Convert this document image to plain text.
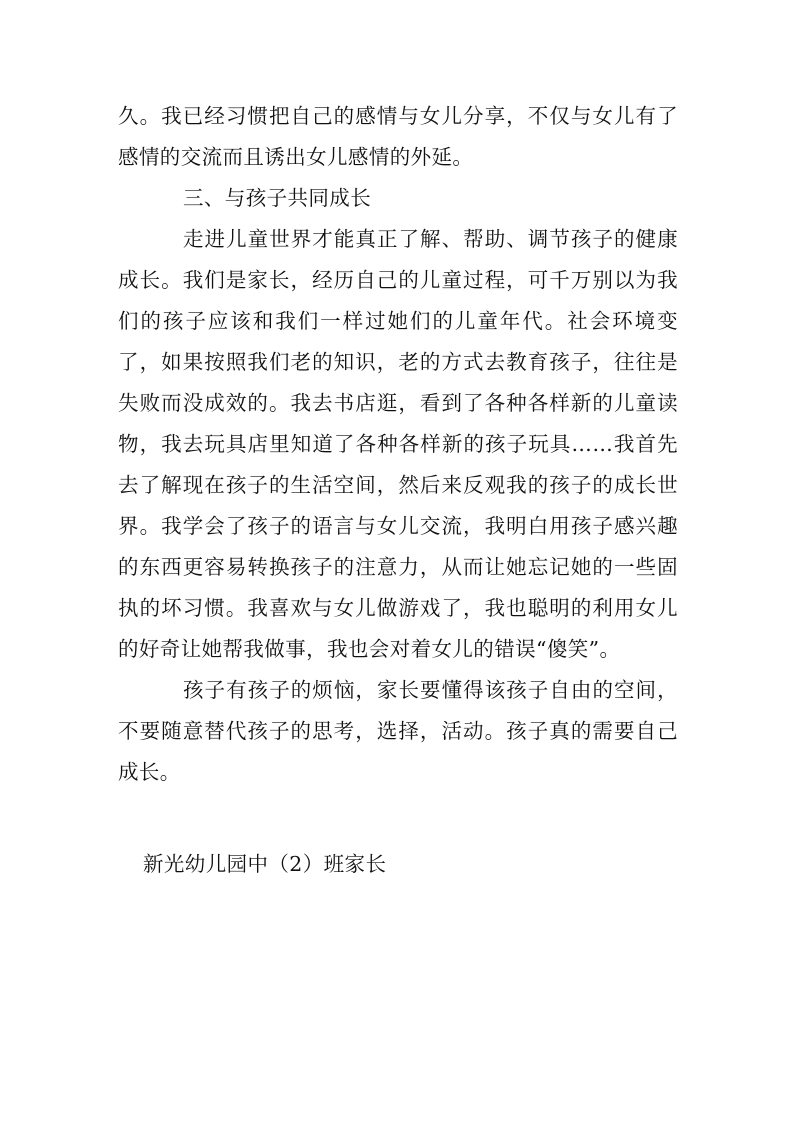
久。我已经习惯把自己的感情与女儿分享，不仅与女儿有了感情的交流而且诱出女儿感情的外延。

三、与孩子共同成长

走进儿童世界才能真正了解、帮助、调节孩子的健康成长。我们是家长，经历自己的儿童过程，可千万别以为我们的孩子应该和我们一样过她们的儿童年代。社会环境变了，如果按照我们老的知识，老的方式去教育孩子，往往是失败而没成效的。我去书店逛，看到了各种各样新的儿童读物，我去玩具店里知道了各种各样新的孩子玩具……我首先去了解现在孩子的生活空间，然后来反观我的孩子的成长世界。我学会了孩子的语言与女儿交流，我明白用孩子感兴趣的东西更容易转换孩子的注意力，从而让她忘记她的一些固执的坏习惯。我喜欢与女儿做游戏了，我也聪明的利用女儿的好奇让她帮我做事，我也会对着女儿的错误“傻笑”。

孩子有孩子的烦恼，家长要懂得该孩子自由的空间，不要随意替代孩子的思考，选择，活动。孩子真的需要自己成长。

新光幼儿园中（2）班家长
